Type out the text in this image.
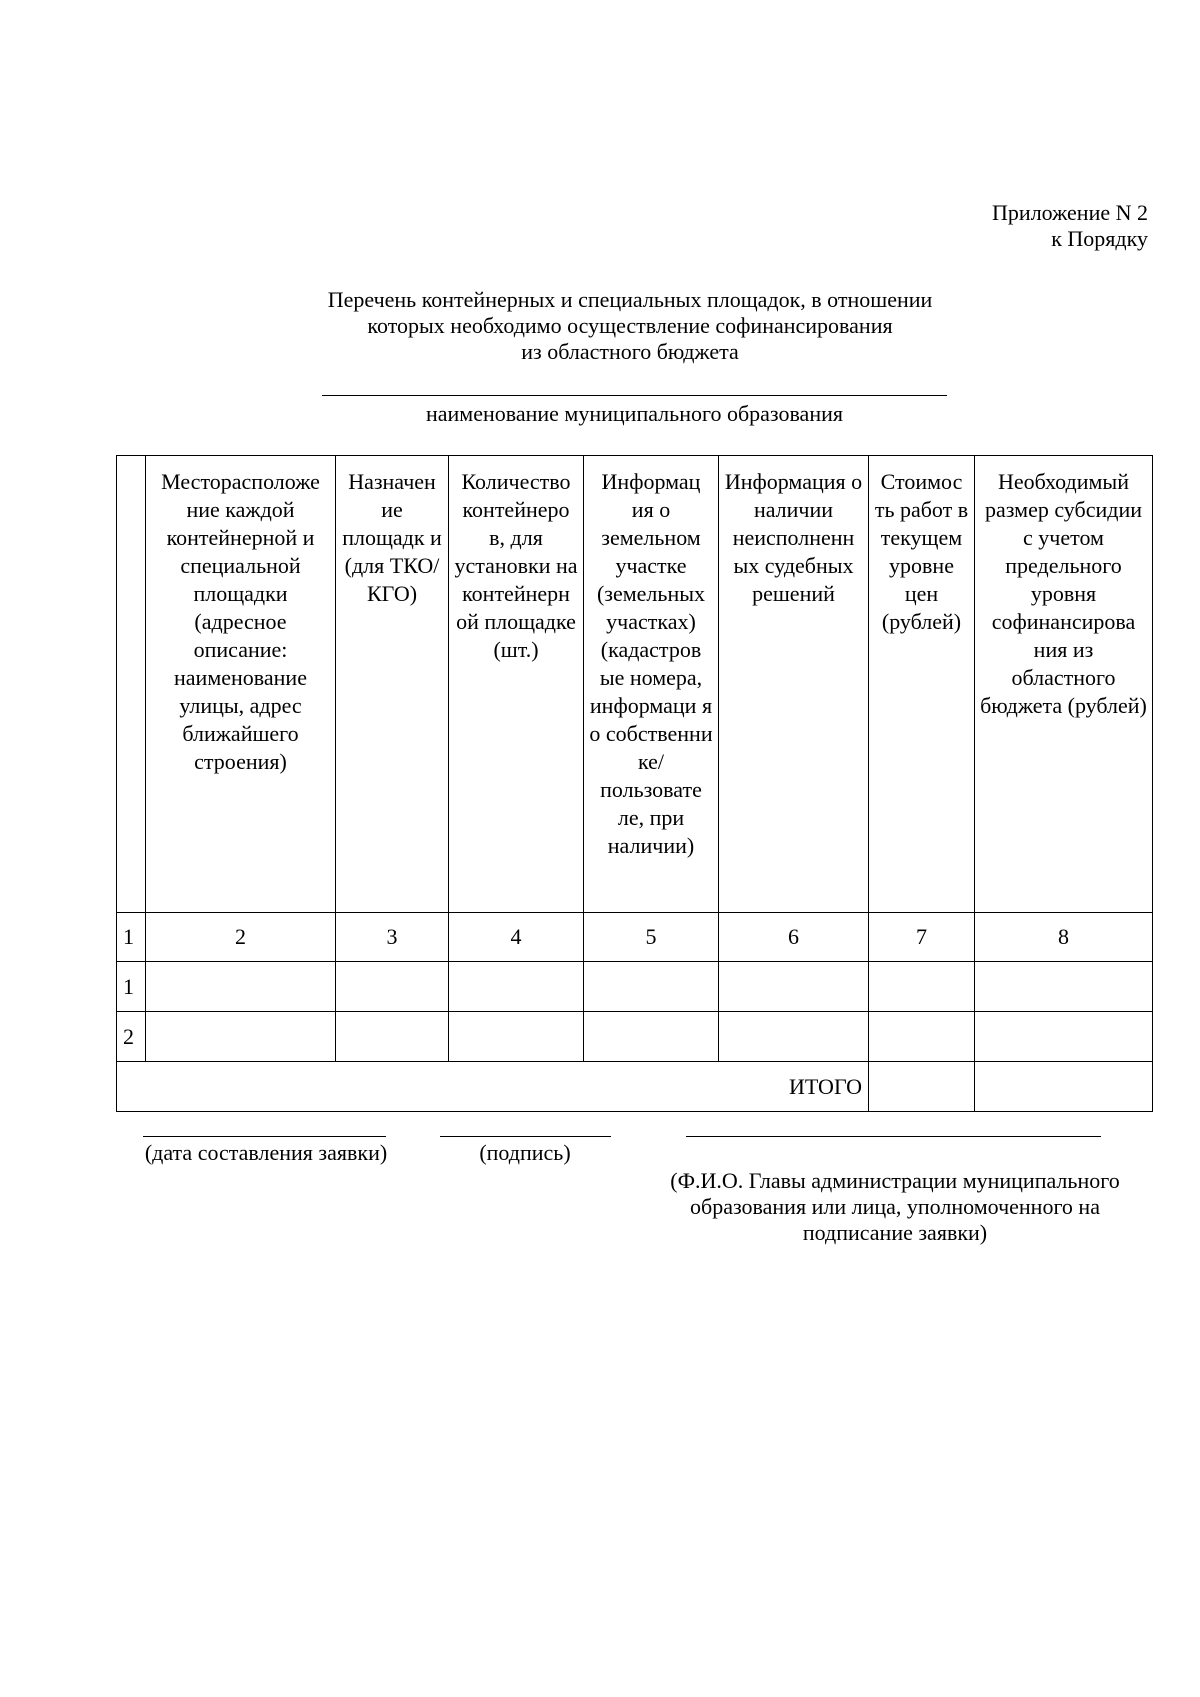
Приложение N 2
к Порядку
Перечень контейнерных и специальных площадок, в отношении
которых необходимо осуществление софинансирования
из областного бюджета
наименование муниципального образования

	Месторасположе ние каждой контейнерной и специальной площадки (адресное описание: наименование улицы, адрес ближайшего строения)	Назначен ие площадк и (для ТКО/ КГО)	Количество контейнеро в, для установки на контейнерн ой площадке (шт.)	Информац ия о земельном участке (земельных участках) (кадастров ые номера, информаци я о собственни ке/ пользовате ле, при наличии)	Информация о наличии неисполненн ых судебных решений	Стоимос ть работ в текущем уровне цен (рублей)	Необходимый размер субсидии с учетом предельного уровня софинансирова ния из областного бюджета (рублей)

1	2	3	4	5	6	7	8
1							
2							
ИТОГО							
(дата составления заявки)	(подпись)
(Ф.И.О. Главы администрации муниципального
образования или лица, уполномоченного на
подписание заявки)
